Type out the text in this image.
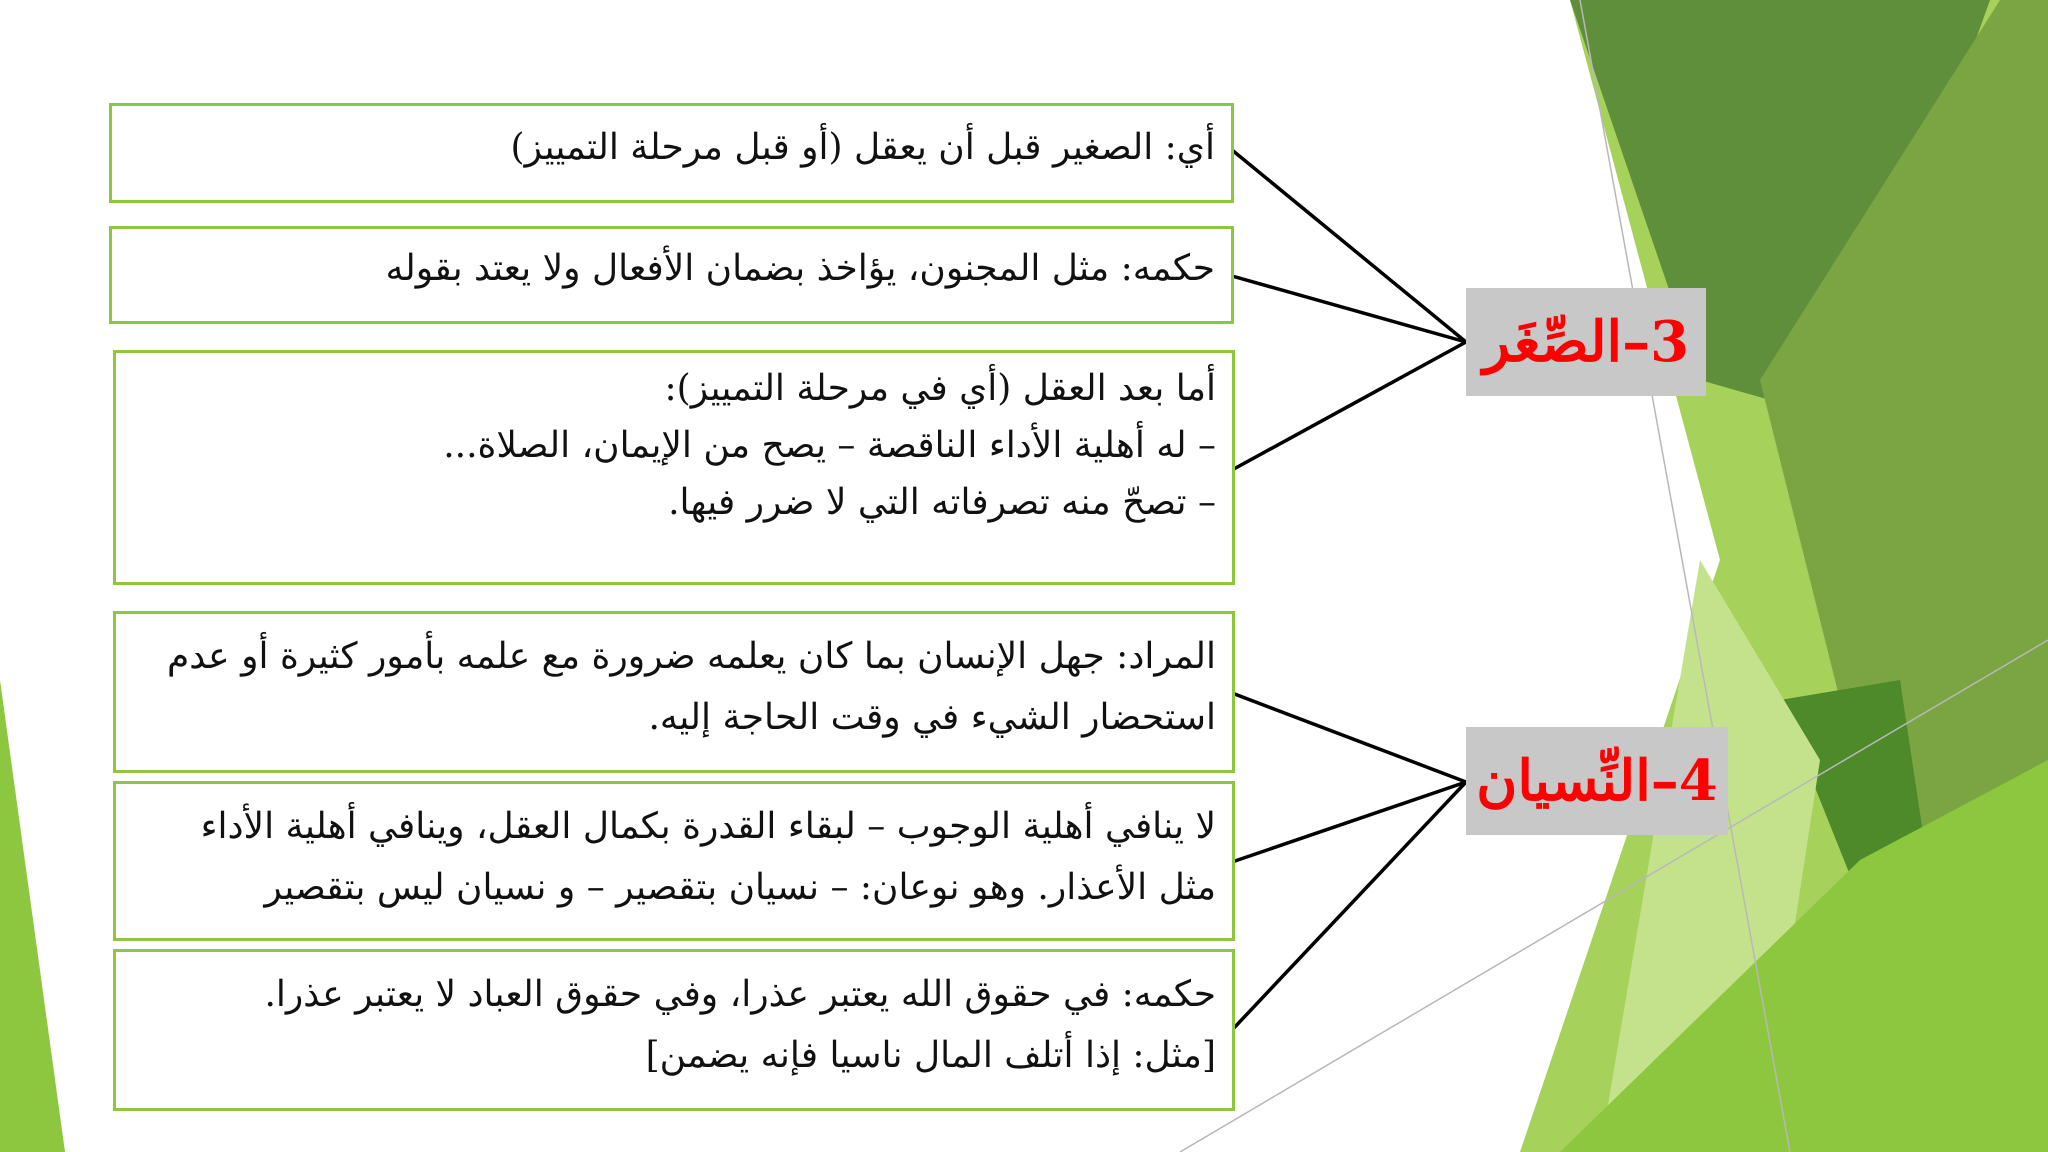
أي: الصغير قبل أن يعقل (أو قبل مرحلة التمييز)
حكمه: مثل المجنون، يؤاخذ بضمان الأفعال ولا يعتد بقوله
أما بعد العقل (أي في مرحلة التمييز):
– له أهلية الأداء الناقصة – يصح من الإيمان، الصلاة...
– تصحّ منه تصرفاته التي لا ضرر فيها.
المراد: جهل الإنسان بما كان يعلمه ضرورة مع علمه بأمور كثيرة أو عدم
استحضار الشيء في وقت الحاجة إليه.
لا ينافي أهلية الوجوب – لبقاء القدرة بكمال العقل، وينافي أهلية الأداء
مثل الأعذار. وهو نوعان: – نسيان بتقصير – و نسيان ليس بتقصير
حكمه: في حقوق الله يعتبر عذرا، وفي حقوق العباد لا يعتبر عذرا.
[مثل: إذا أتلف المال ناسيا فإنه يضمن]
3–الصِّغَر
4–النِّسيان
